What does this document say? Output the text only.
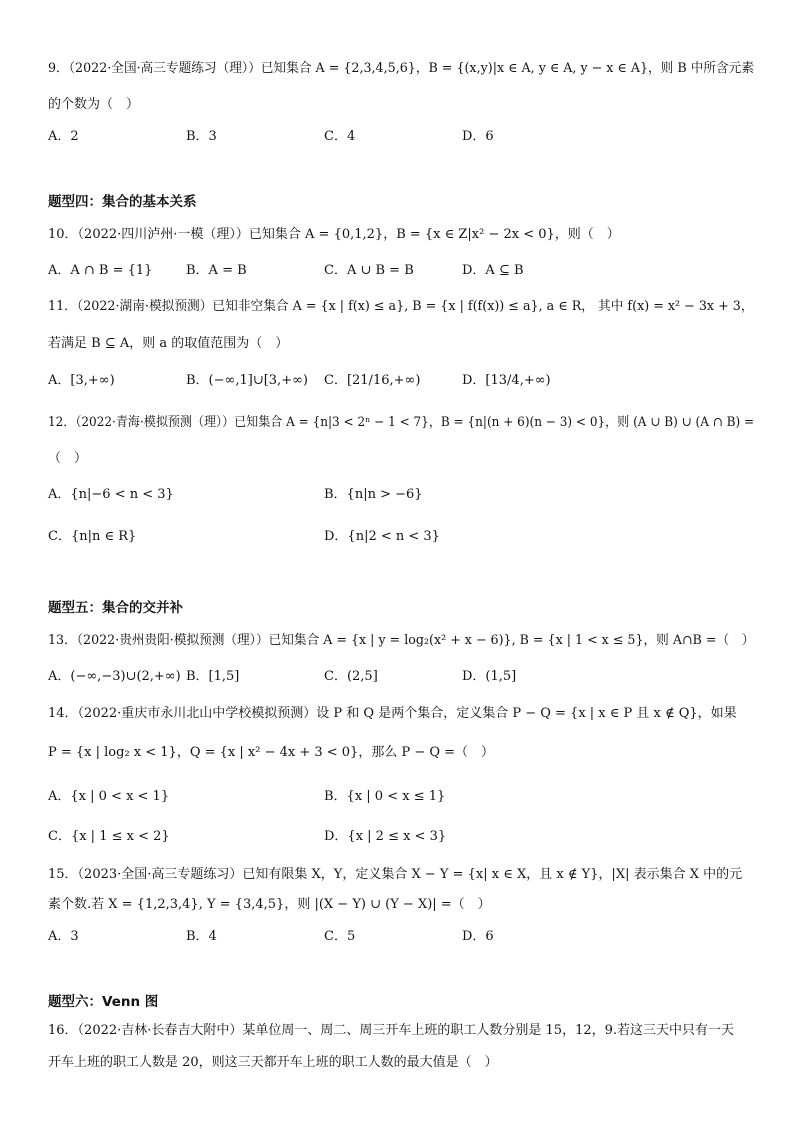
9．（2022·全国·高三专题练习（理））已知集合 A = {2,3,4,5,6}，B = {(x,y)|x ∈ A, y ∈ A, y − x ∈ A}，则 B 中所含元素
的个数为（　）
A．2	B．3	C．4	D．6
题型四：集合的基本关系
10．（2022·四川泸州·一模（理））已知集合 A = {0,1,2}，B = {x ∈ Z|x² − 2x < 0}，则（　）
A．A ∩ B = {1}	B．A = B	C．A ∪ B = B	D．A ⊆ B
11．（2022·湖南·模拟预测）已知非空集合 A = {x | f(x) ≤ a}, B = {x | f(f(x)) ≤ a}, a ∈ R， 其中 f(x) = x² − 3x + 3，
若满足 B ⊆ A，则 a 的取值范围为（　）
A．[3,+∞)	B．(−∞,1]∪[3,+∞) C．[21/16,+∞)	D．[13/4,+∞)
12．（2022·青海·模拟预测（理））已知集合 A = {n|3 < 2ⁿ − 1 < 7}，B = {n|(n + 6)(n − 3) < 0}，则 (A ∪ B) ∪ (A ∩ B) =
（　）
A．{n|−6 < n < 3}	B．{n|n > −6}
C．{n|n ∈ R}	D．{n|2 < n < 3}
题型五：集合的交并补
13．（2022·贵州贵阳·模拟预测（理））已知集合 A = {x | y = log₂(x² + x − 6)}, B = {x | 1 < x ≤ 5}，则 A∩B =（　）
A．(−∞,−3)∪(2,+∞) B．[1,5]	C．(2,5]	D．(1,5]
14．（2022·重庆市永川北山中学校模拟预测）设 P 和 Q 是两个集合，定义集合 P − Q = {x | x ∈ P 且 x ∉ Q}，如果
P = {x | log₂ x < 1}，Q = {x | x² − 4x + 3 < 0}，那么 P − Q =（　）
A．{x | 0 < x < 1}	B．{x | 0 < x ≤ 1}
C．{x | 1 ≤ x < 2}	D．{x | 2 ≤ x < 3}
15．（2023·全国·高三专题练习）已知有限集 X，Y，定义集合 X − Y = {x| x ∈ X，且 x ∉ Y}，|X| 表示集合 X 中的元
素个数.若 X = {1,2,3,4}, Y = {3,4,5}，则 |(X − Y) ∪ (Y − X)| =（　）
A．3	B．4	C．5	D．6
题型六：Venn 图
16．（2022·吉林·长春吉大附中）某单位周一、周二、周三开车上班的职工人数分别是 15，12，9.若这三天中只有一天
开车上班的职工人数是 20，则这三天都开车上班的职工人数的最大值是（　）
